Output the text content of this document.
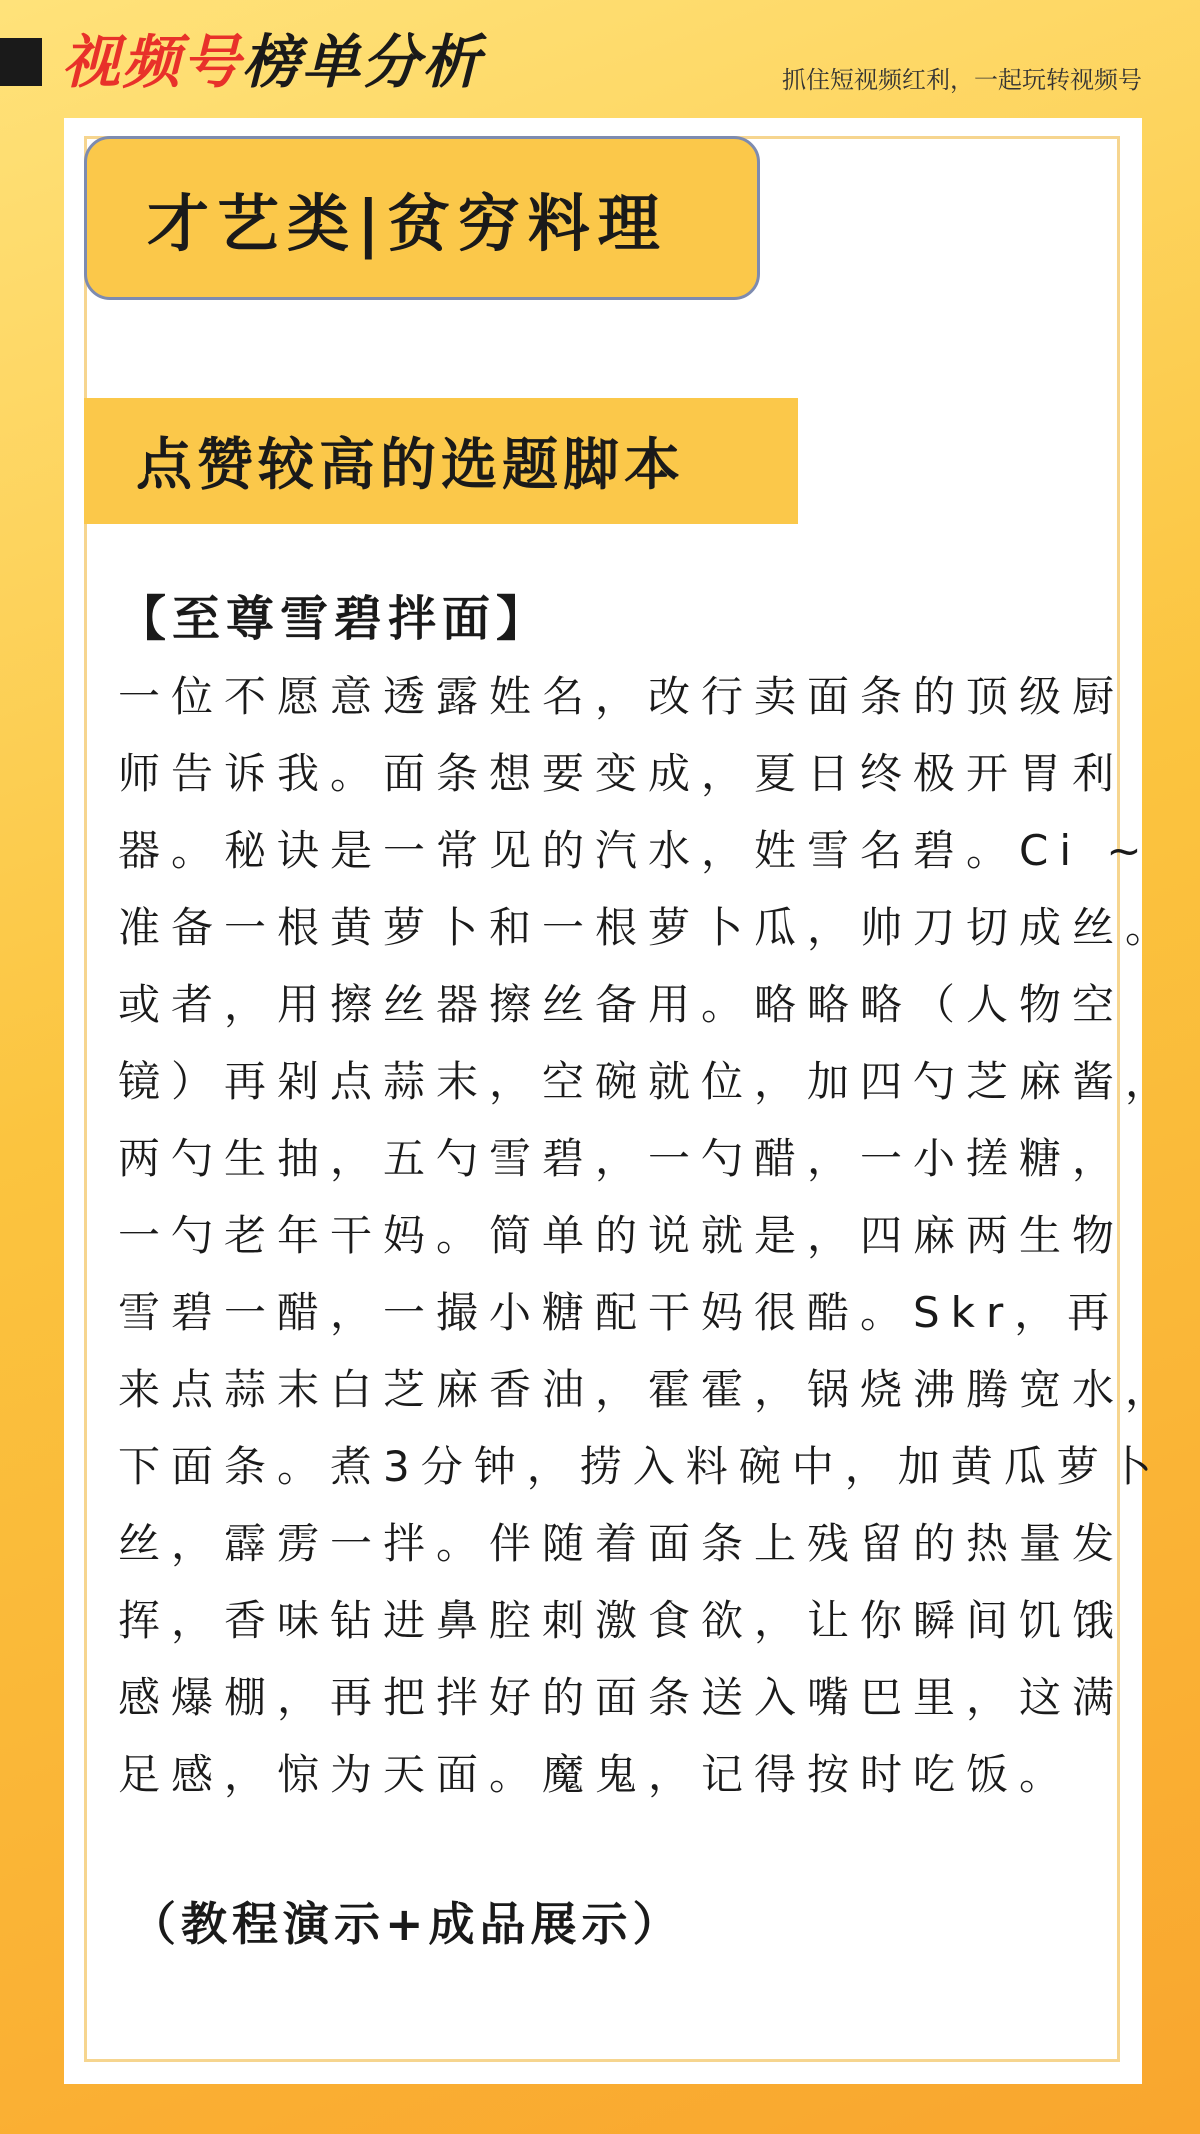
视频号榜单分析	抓住短视频红利，一起玩转视频号
才艺类|贫穷料理
点赞较高的选题脚本
【至尊雪碧拌面】
一位不愿意透露姓名，改行卖面条的顶级厨
师告诉我。面条想要变成，夏日终极开胃利
器。秘诀是一常见的汽水，姓雪名碧。Ci ~
准备一根黄萝卜和一根萝卜瓜，帅刀切成丝。
或者，用擦丝器擦丝备用。略略略（人物空
镜）再剁点蒜末，空碗就位，加四勺芝麻酱，
两勺生抽，五勺雪碧，一勺醋，一小搓糖，
一勺老年干妈。简单的说就是，四麻两生物
雪碧一醋，一撮小糖配干妈很酷。Skr，再
来点蒜末白芝麻香油，霍霍，锅烧沸腾宽水，
下面条。煮3分钟，捞入料碗中，加黄瓜萝卜
丝，霹雳一拌。伴随着面条上残留的热量发
挥，香味钻进鼻腔刺激食欲，让你瞬间饥饿
感爆棚，再把拌好的面条送入嘴巴里，这满
足感，惊为天面。魔鬼，记得按时吃饭。
（教程演示+成品展示）
